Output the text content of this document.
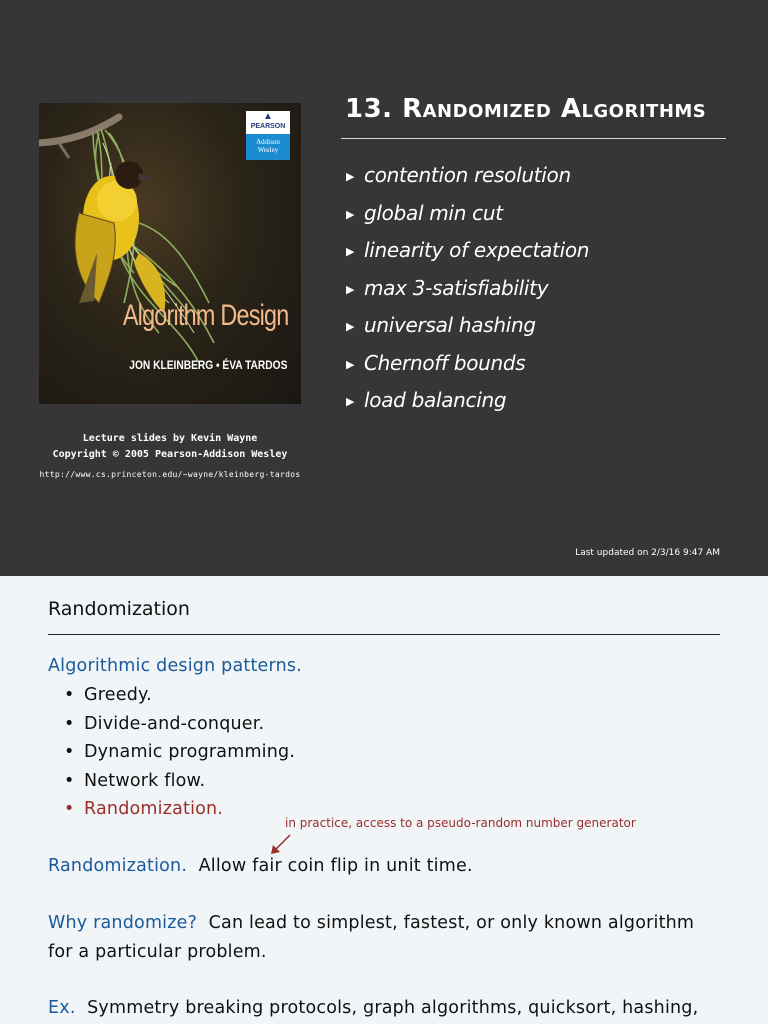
▲
PEARSON
Addison Wesley
Algorithm Design
JON KLEINBERG • ÉVA TARDOS
Lecture slides by Kevin Wayne
Copyright © 2005 Pearson-Addison Wesley
http://www.cs.princeton.edu/~wayne/kleinberg-tardos
13. Randomized Algorithms
▶ contention resolution
▶ global min cut
▶ linearity of expectation
▶ max 3-satisfiability
▶ universal hashing
▶ Chernoff bounds
▶ load balancing
Last updated on 2/3/16 9:47 AM
Randomization
Algorithmic design patterns.
• Greedy.
• Divide-and-conquer.
• Dynamic programming.
• Network flow.
• Randomization.
in practice, access to a pseudo-random number generator
Randomization. Allow fair coin flip in unit time.
Why randomize? Can lead to simplest, fastest, or only known algorithm for a particular problem.
Ex. Symmetry breaking protocols, graph algorithms, quicksort, hashing,
